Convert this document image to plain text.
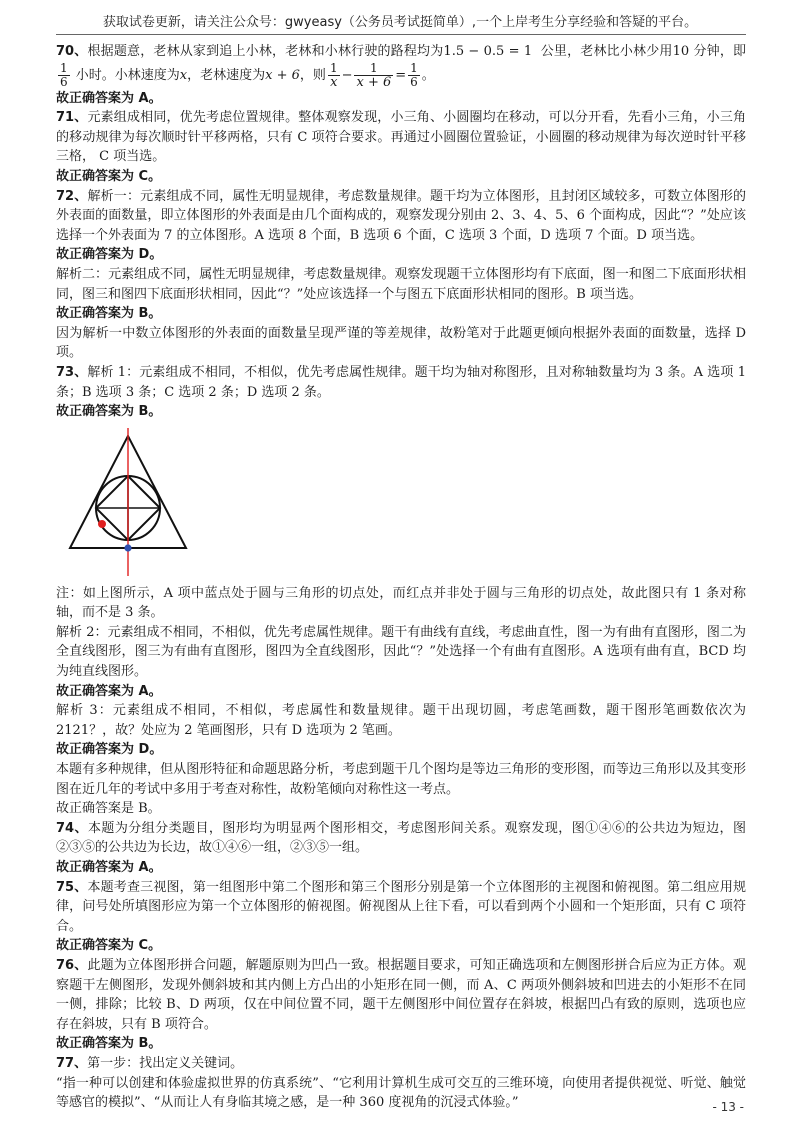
获取试卷更新，请关注公众号：gwyeasy（公务员考试挺简单）,一个上岸考生分享经验和答疑的平台。

70、根据题意，老林从家到追上小林，老林和小林行驶的路程均为1.5 − 0.5 = 1 公里，老林比小林少用10 分钟，即
$\frac{1}{6}$ 小时。小林速度为x，老林速度为x + 6，则 $\frac{1}{x} - \frac{1}{x + 6} = \frac{1}{6}$ 。

故正确答案为 A。

71、元素组成相同，优先考虑位置规律。整体观察发现，小三角、小圆圈均在移动，可以分开看，先看小三角，小三角的移动规律为每次顺时针平移两格，只有 C 项符合要求。再通过小圆圈位置验证，小圆圈的移动规律为每次逆时针平移三格， C 项当选。

故正确答案为 C。

72、解析一：元素组成不同，属性无明显规律，考虑数量规律。题干均为立体图形，且封闭区域较多，可数立体图形的外表面的面数量，即立体图形的外表面是由几个面构成的，观察发现分别由 2、3、4、5、6 个面构成，因此“？”处应该选择一个外表面为 7 的立体图形。A 选项 8 个面，B 选项 6 个面，C 选项 3 个面，D 选项 7 个面。D 项当选。

故正确答案为 D。

解析二：元素组成不同，属性无明显规律，考虑数量规律。观察发现题干立体图形均有下底面，图一和图二下底面形状相同，图三和图四下底面形状相同，因此“？”处应该选择一个与图五下底面形状相同的图形。B 项当选。

故正确答案为 B。

因为解析一中数立体图形的外表面的面数量呈现严谨的等差规律，故粉笔对于此题更倾向根据外表面的面数量，选择 D 项。

73、解析 1：元素组成不相同，不相似，优先考虑属性规律。题干均为轴对称图形，且对称轴数量均为 3 条。A 选项 1 条；B 选项 3 条；C 选项 2 条；D 选项 2 条。

故正确答案为 B。

注：如上图所示，A 项中蓝点处于圆与三角形的切点处，而红点并非处于圆与三角形的切点处，故此图只有 1 条对称轴，而不是 3 条。

解析 2：元素组成不相同，不相似，优先考虑属性规律。题干有曲线有直线，考虑曲直性，图一为有曲有直图形，图二为全直线图形，图三为有曲有直图形，图四为全直线图形，因此“？”处选择一个有曲有直图形。A 选项有曲有直，BCD 均为纯直线图形。

故正确答案为 A。

解析 3：元素组成不相同，不相似，考虑属性和数量规律。题干出现切圆，考虑笔画数，题干图形笔画数依次为 2121？，故？处应为 2 笔画图形，只有 D 选项为 2 笔画。

故正确答案为 D。

本题有多种规律，但从图形特征和命题思路分析，考虑到题干几个图均是等边三角形的变形图，而等边三角形以及其变形图在近几年的考试中多用于考查对称性，故粉笔倾向对称性这一考点。

故正确答案是 B。

74、本题为分组分类题目，图形均为明显两个图形相交，考虑图形间关系。观察发现，图①④⑥的公共边为短边，图②③⑤的公共边为长边，故①④⑥一组，②③⑤一组。

故正确答案为 A。

75、本题考查三视图，第一组图形中第二个图形和第三个图形分别是第一个立体图形的主视图和俯视图。第二组应用规律，问号处所填图形应为第一个立体图形的俯视图。俯视图从上往下看，可以看到两个小圆和一个矩形面，只有 C 项符合。

故正确答案为 C。

76、此题为立体图形拼合问题，解题原则为凹凸一致。根据题目要求，可知正确选项和左侧图形拼合后应为正方体。观察题干左侧图形，发现外侧斜坡和其内侧上方凸出的小矩形在同一侧，而 A、C 两项外侧斜坡和凹进去的小矩形不在同一侧，排除；比较 B、D 两项，仅在中间位置不同，题干左侧图形中间位置存在斜坡，根据凹凸有致的原则，选项也应存在斜坡，只有 B 项符合。

故正确答案为 B。

77、第一步：找出定义关键词。

“指一种可以创建和体验虚拟世界的仿真系统”、“它利用计算机生成可交互的三维环境，向使用者提供视觉、听觉、触觉等感官的模拟”、“从而让人有身临其境之感，是一种 360 度视角的沉浸式体验。”	- 13 -
